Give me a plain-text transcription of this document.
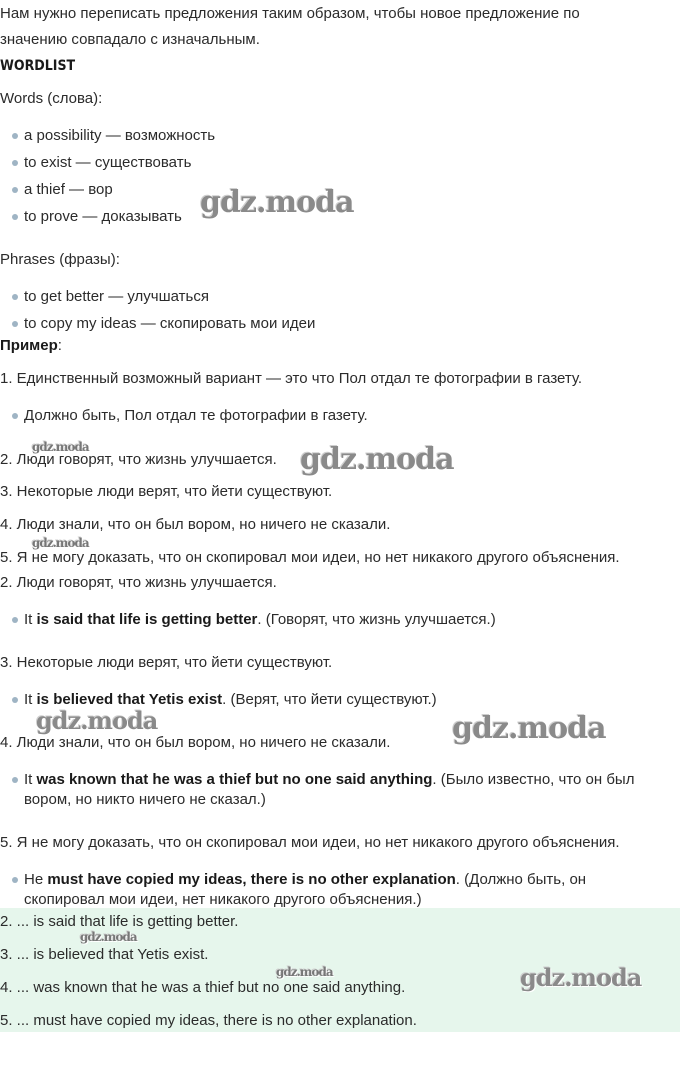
Нам нужно переписать предложения таким образом, чтобы новое предложение по

значению совпадало с изначальным.

WORDLIST

Words (слова):

a possibility — возможность

to exist — существовать

a thief — вор

to prove — доказывать

Phrases (фразы):

to get better — улучшаться

to copy my ideas — скопировать мои идеи

Пример:

1. Единственный возможный вариант — это что Пол отдал те фотографии в газету.

Должно быть, Пол отдал те фотографии в газету.

2. Люди говорят, что жизнь улучшается.

3. Некоторые люди верят, что йети существуют.

4. Люди знали, что он был вором, но ничего не сказали.

5. Я не могу доказать, что он скопировал мои идеи, но нет никакого другого объяснения.

2. Люди говорят, что жизнь улучшается.

It is said that life is getting better. (Говорят, что жизнь улучшается.)

3. Некоторые люди верят, что йети существуют.

It is believed that Yetis exist. (Верят, что йети существуют.)

4. Люди знали, что он был вором, но ничего не сказали.

It was known that he was a thief but no one said anything. (Было известно, что он был вором, но никто ничего не сказал.)

5. Я не могу доказать, что он скопировал мои идеи, но нет никакого другого объяснения.

He must have copied my ideas, there is no other explanation. (Должно быть, он скопировал мои идеи, нет никакого другого объяснения.)

2. ... is said that life is getting better.

3. ... is believed that Yetis exist.

4. ... was known that he was a thief but no one said anything.

5. ... must have copied my ideas, there is no other explanation.

gdz.moda
gdz.moda	gdz.moda
gdz.moda
gdz.moda	gdz.moda
gdz.moda
gdz.moda	gdz.moda
